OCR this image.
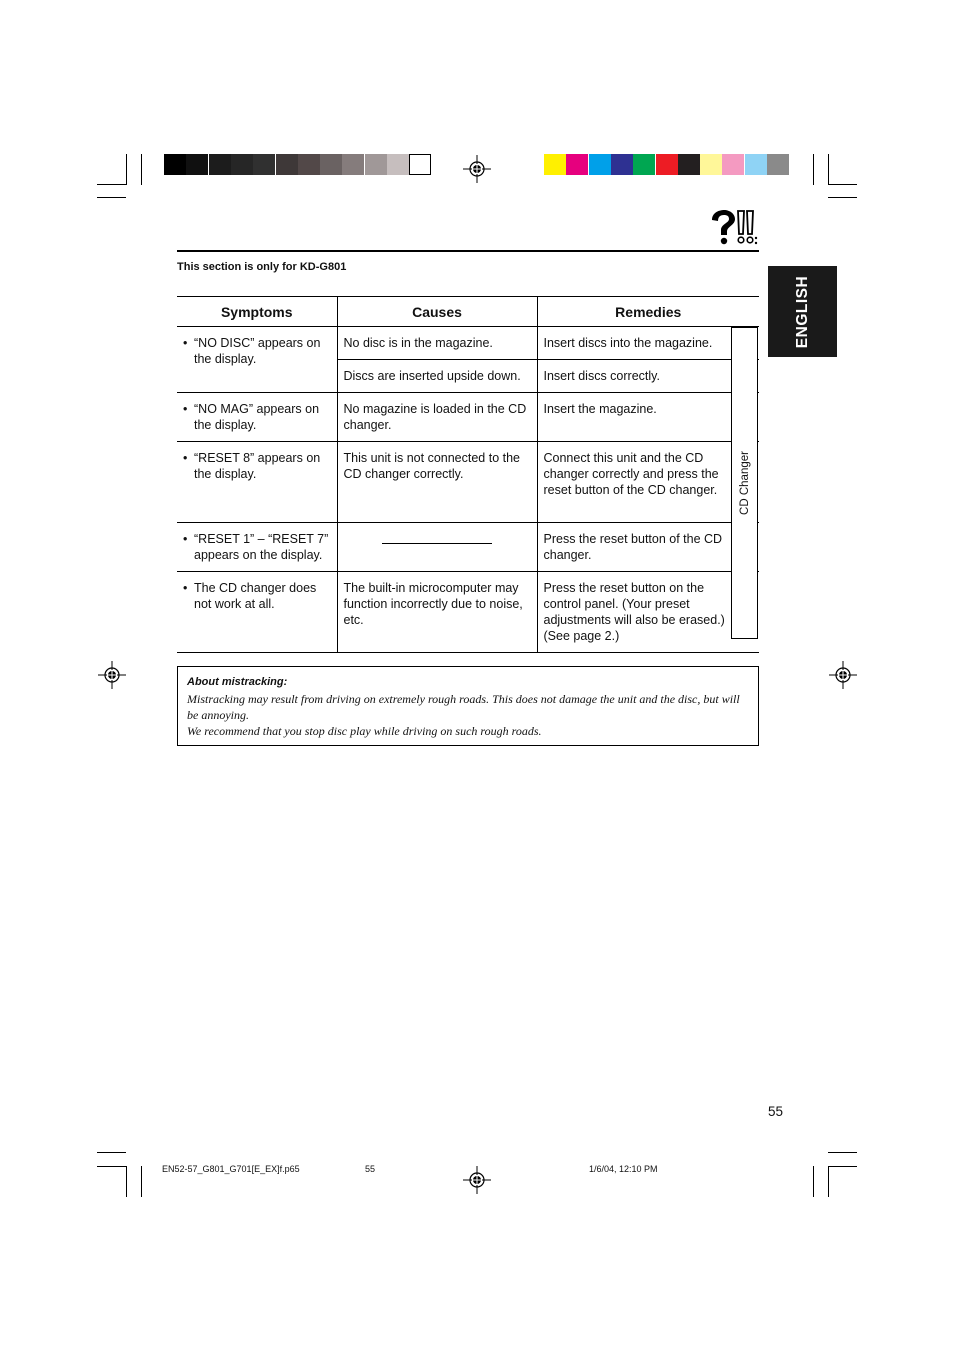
This section is only for KD-G801
ENGLISH
Symptoms	Causes	Remedies

• “NO DISC” appears on the display.	No disc is in the magazine.	Insert discs into the magazine.
	Discs are inserted upside down.	Insert discs correctly.

• “NO MAG” appears on the display.	No magazine is loaded in the CD changer.	Insert the magazine.

• “RESET 8” appears on the display.	This unit is not connected to the CD changer correctly.	Connect this unit and the CD changer correctly and press the reset button of the CD changer.

• “RESET 1” – “RESET 7” appears on the display.		Press the reset button of the CD changer.

• The CD changer does not work at all.	The built-in microcomputer may function incorrectly due to noise, etc.	Press the reset button on the control panel. (Your preset adjustments will also be erased.) (See page 2.)
CD Changer
About mistracking:
Mistracking may result from driving on extremely rough roads. This does not damage the unit and the disc, but will be annoying.
We recommend that you stop disc play while driving on such rough roads.
55
EN52-57_G801_G701[E_EX]f.p65	55	1/6/04, 12:10 PM
